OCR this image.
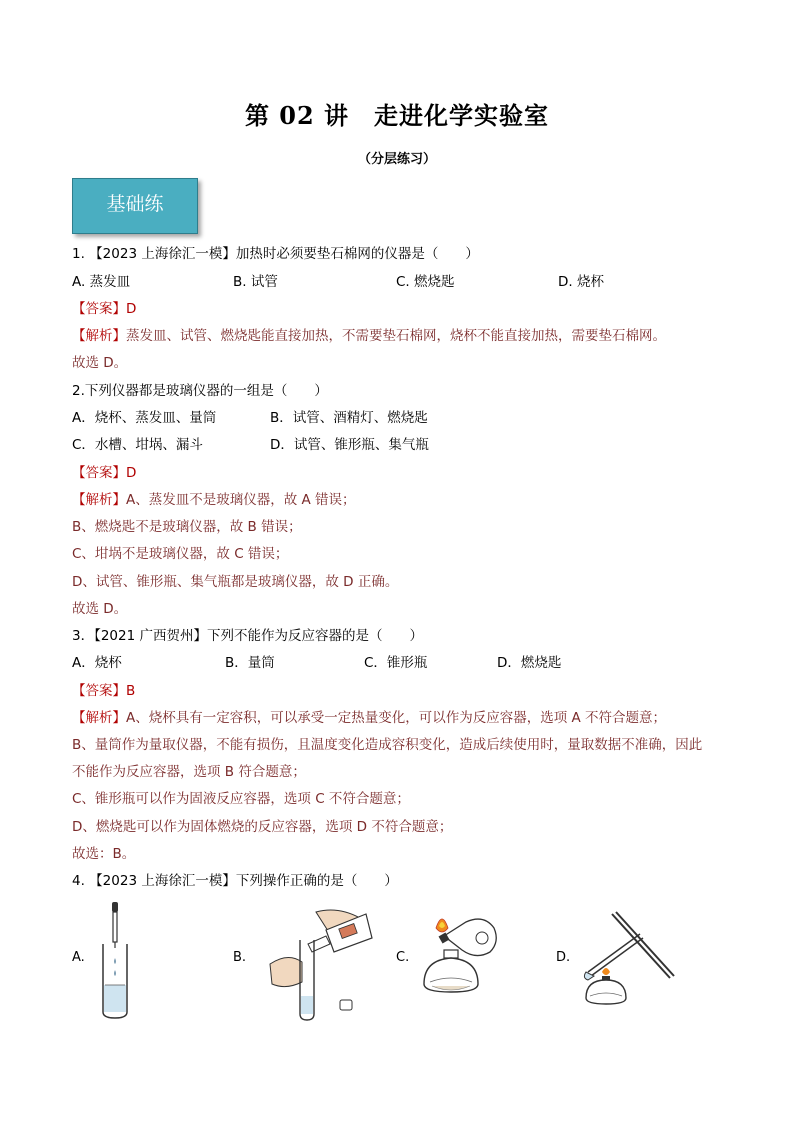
第 02 讲　走进化学实验室
（分层练习）
基础练
1. 【2023 上海徐汇一模】加热时必须要垫石棉网的仪器是（　　）
A. 蒸发皿	B. 试管	C. 燃烧匙	D. 烧杯
【答案】D
【解析】蒸发皿、试管、燃烧匙能直接加热，不需要垫石棉网，烧杯不能直接加热，需要垫石棉网。
故选 D。
2.下列仪器都是玻璃仪器的一组是（　　）
A．烧杯、蒸发皿、量筒	B．试管、酒精灯、燃烧匙
C．水槽、坩埚、漏斗	D．试管、锥形瓶、集气瓶
【答案】D
【解析】A、蒸发皿不是玻璃仪器，故 A 错误；
B、燃烧匙不是玻璃仪器，故 B 错误；
C、坩埚不是玻璃仪器，故 C 错误；
D、试管、锥形瓶、集气瓶都是玻璃仪器，故 D 正确。
故选 D。
3．【2021 广西贺州】下列不能作为反应容器的是（　　）
A．烧杯	B．量筒	C．锥形瓶	D．燃烧匙
【答案】B
【解析】A、烧杯具有一定容积，可以承受一定热量变化，可以作为反应容器，选项 A 不符合题意；
B、量筒作为量取仪器，不能有损伤，且温度变化造成容积变化，造成后续使用时，量取数据不准确，因此
不能作为反应容器，选项 B 符合题意；
C、锥形瓶可以作为固液反应容器，选项 C 不符合题意；
D、燃烧匙可以作为固体燃烧的反应容器，选项 D 不符合题意；
故选：B。
4. 【2023 上海徐汇一模】下列操作正确的是（　　）
A.	B.	C.	D.
